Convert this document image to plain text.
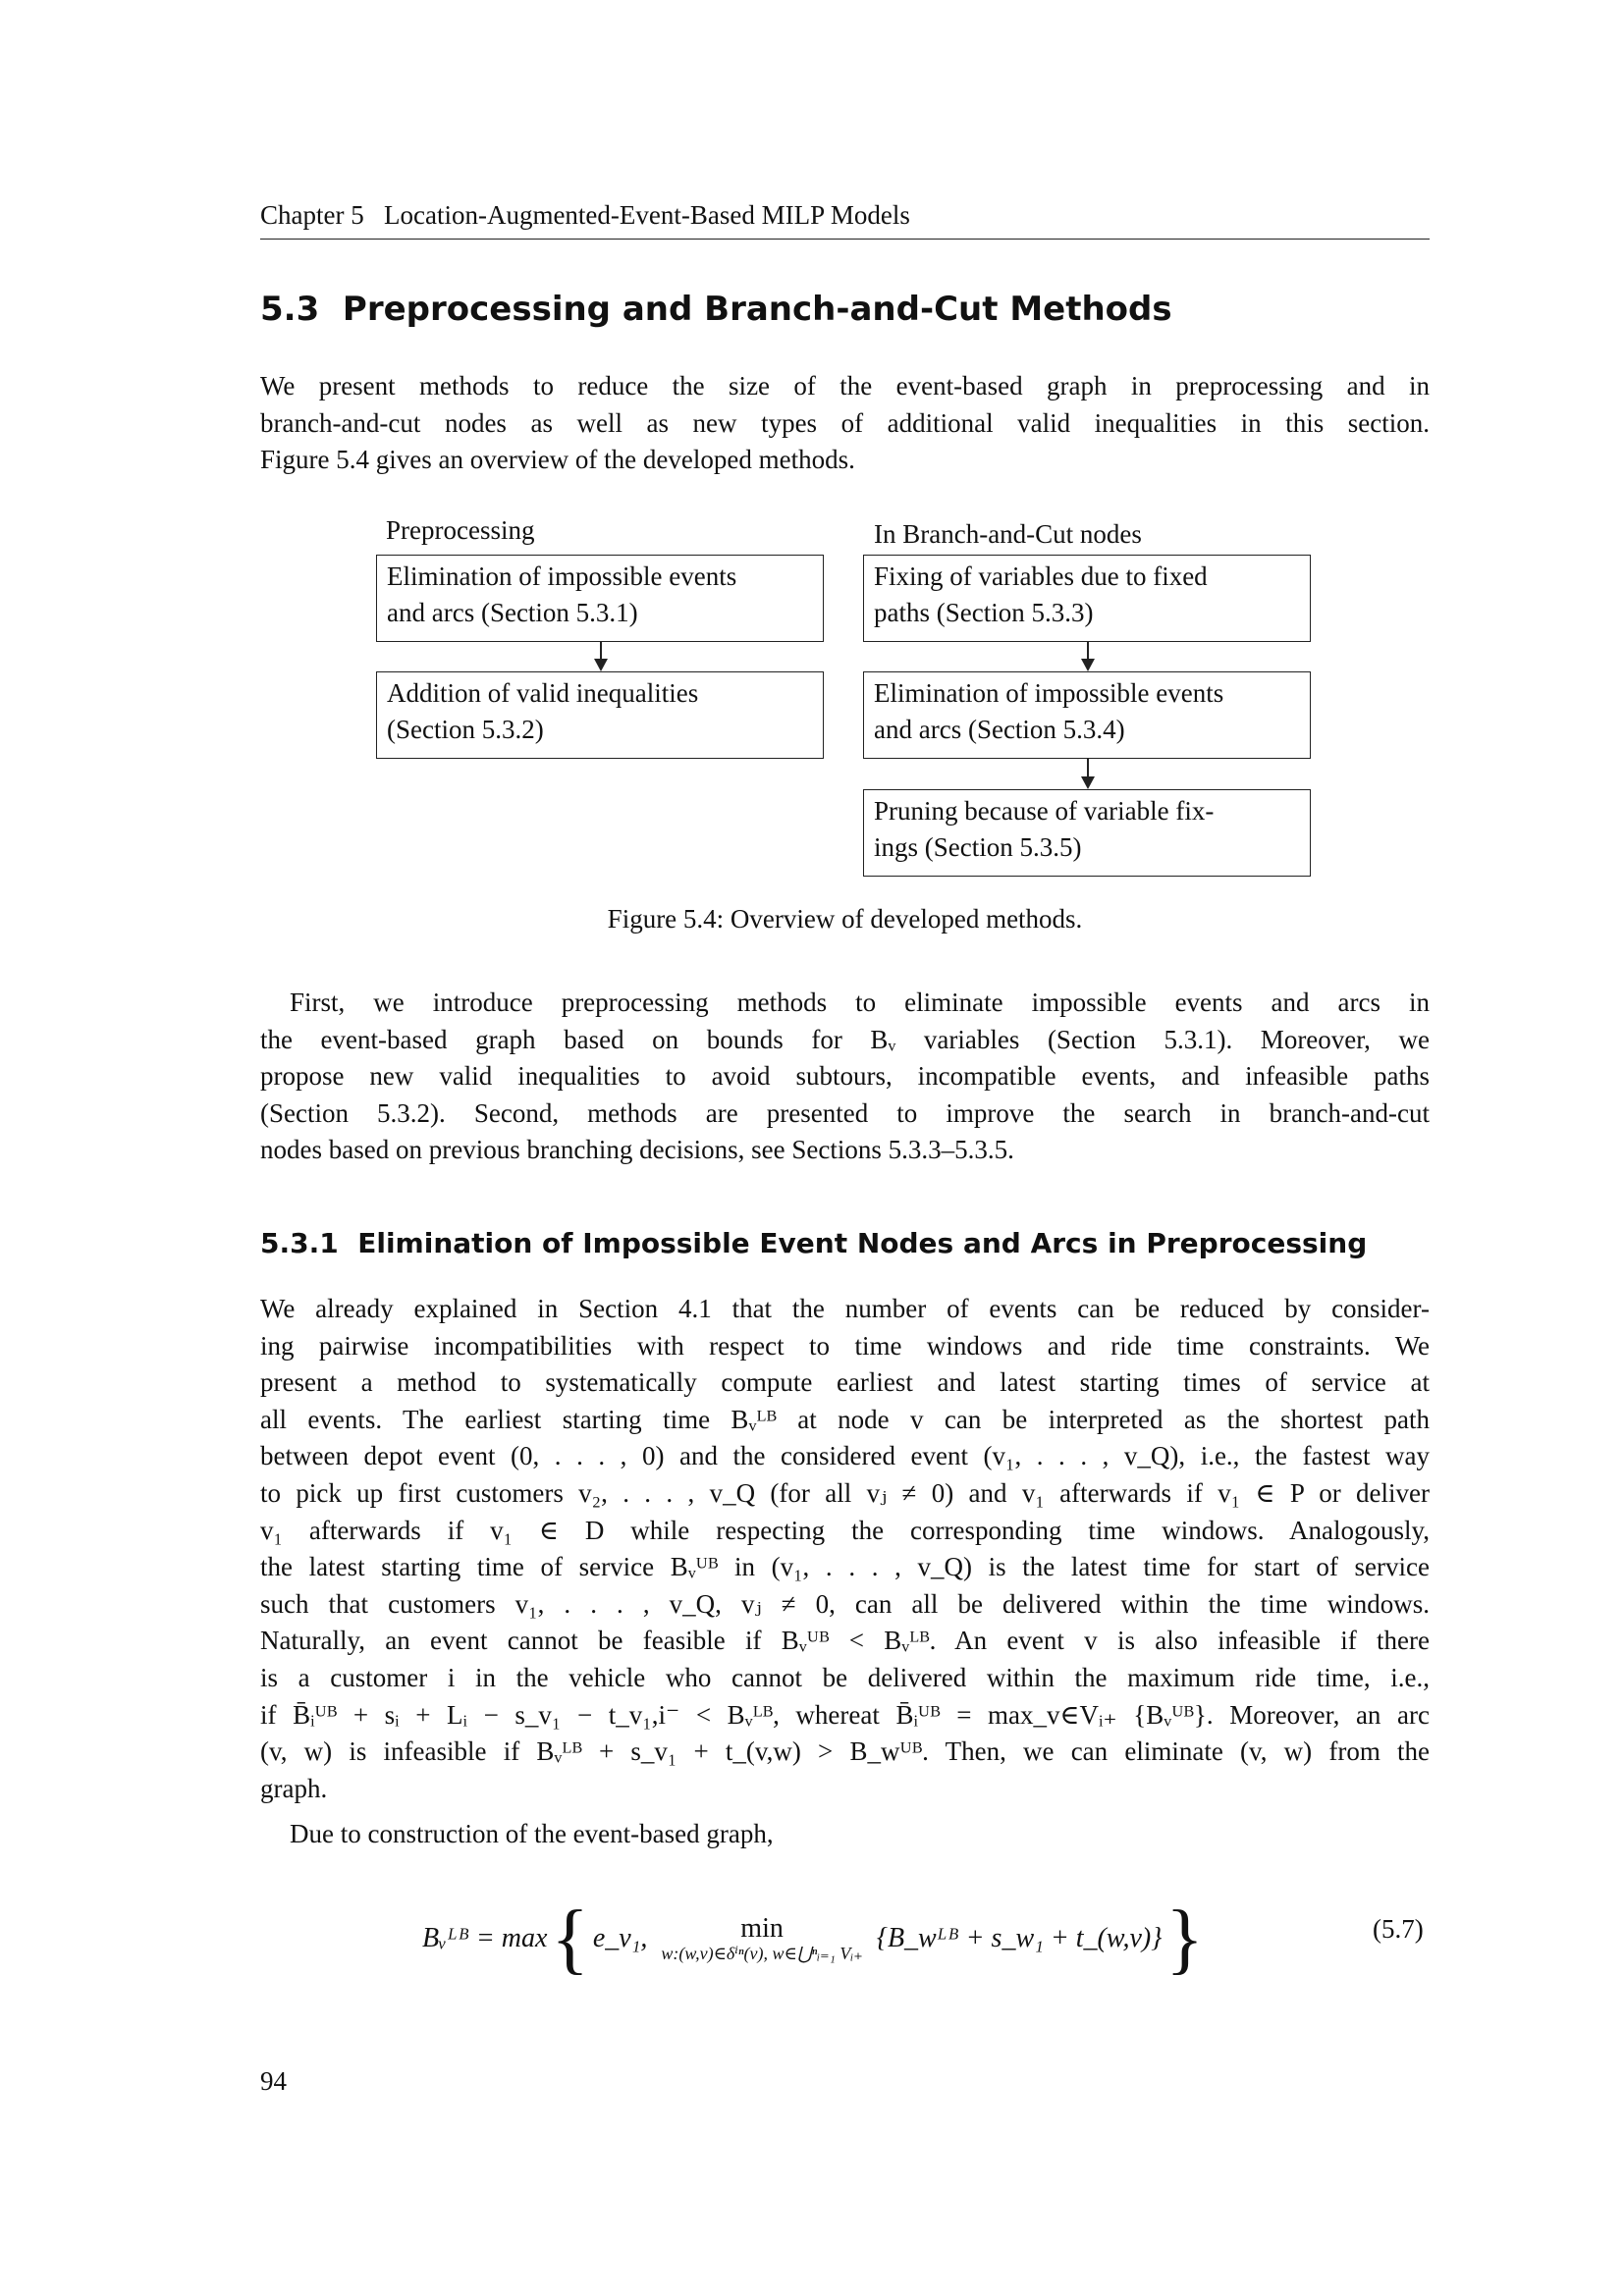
Chapter 5 Location-Augmented-Event-Based MILP Models
5.3 Preprocessing and Branch-and-Cut Methods
We present methods to reduce the size of the event-based graph in preprocessing and in
branch-and-cut nodes as well as new types of additional valid inequalities in this section.
Figure 5.4 gives an overview of the developed methods.
Preprocessing	In Branch-and-Cut nodes
Elimination of impossible events
and arcs (Section 5.3.1)
Addition of valid inequalities
(Section 5.3.2)
Fixing of variables due to fixed
paths (Section 5.3.3)
Elimination of impossible events
and arcs (Section 5.3.4)
Pruning because of variable fix-
ings (Section 5.3.5)
Figure 5.4: Overview of developed methods.
First, we introduce preprocessing methods to eliminate impossible events and arcs in
the event-based graph based on bounds for Bᵥ variables (Section 5.3.1). Moreover, we
propose new valid inequalities to avoid subtours, incompatible events, and infeasible paths
(Section 5.3.2). Second, methods are presented to improve the search in branch-and-cut
nodes based on previous branching decisions, see Sections 5.3.3–5.3.5.
5.3.1 Elimination of Impossible Event Nodes and Arcs in Preprocessing
We already explained in Section 4.1 that the number of events can be reduced by consider-
ing pairwise incompatibilities with respect to time windows and ride time constraints. We
present a method to systematically compute earliest and latest starting times of service at
all events. The earliest starting time Bᵥᴸᴮ at node v can be interpreted as the shortest path
between depot event (0, . . . , 0) and the considered event (v₁, . . . , v_Q), i.e., the fastest way
to pick up first customers v₂, . . . , v_Q (for all vⱼ ≠ 0) and v₁ afterwards if v₁ ∈ P or deliver
v₁ afterwards if v₁ ∈ D while respecting the corresponding time windows. Analogously,
the latest starting time of service Bᵥᵁᴮ in (v₁, . . . , v_Q) is the latest time for start of service
such that customers v₁, . . . , v_Q, vⱼ ≠ 0, can all be delivered within the time windows.
Naturally, an event cannot be feasible if Bᵥᵁᴮ < Bᵥᴸᴮ. An event v is also infeasible if there
is a customer i in the vehicle who cannot be delivered within the maximum ride time, i.e.,
if B̄ᵢᵁᴮ + sᵢ + Lᵢ − s_v₁ − t_v₁,i⁻ < Bᵥᴸᴮ, whereat B̄ᵢᵁᴮ = max_v∈Vᵢ₊ {Bᵥᵁᴮ}. Moreover, an arc
(v, w) is infeasible if Bᵥᴸᴮ + s_v₁ + t_(v,w) > B_wᵁᴮ. Then, we can eliminate (v, w) from the
graph.
Due to construction of the event-based graph,
Bᵥᴸᴮ = max { e_v₁,	min
w:(w,v)∈δⁱⁿ(v), w∈⋃ⁿᵢ₌₁ Vᵢ₊ {B_wᴸᴮ + s_w₁ + t_(w,v)} }	(5.7)
94
